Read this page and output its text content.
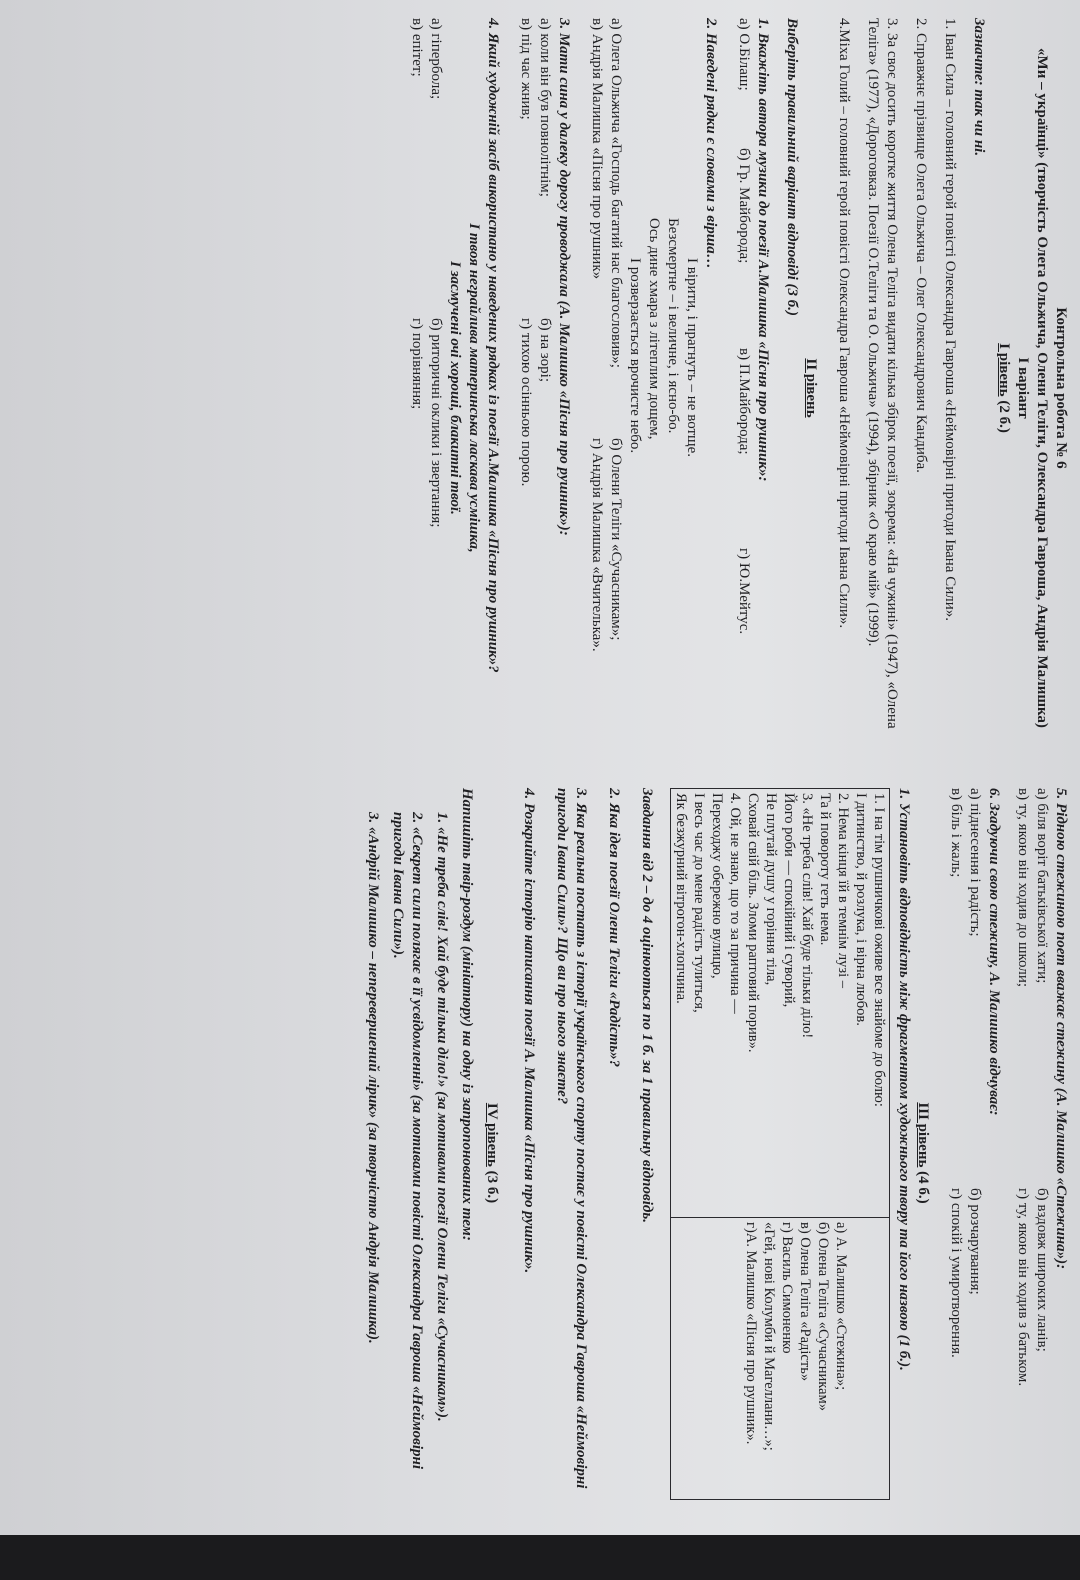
Контрольна робота № 6

«Ми – українці» (творчість Олега Ольжича, Олени Теліги, Олександра Гавроша, Андрія Малишка)

І варіант

І рівень (2 б.)

Зазначте: так чи ні.

1. Іван Сила – головний герой повісті Олександра Гавроша «Неймовірні пригоди Івана Сили».

2. Справжнє прізвище Олега Ольжича – Олег Олександрович Кандиба.

3. За своє досить коротке життя Олена Теліга видати кілька збірок поезії, зокрема: «На чужині» (1947), «Олена Теліга» (1977), «Дороговказ. Поезії О.Теліги та О. Ольжича» (1994), збірник «О краю мій» (1999).

4.Міха Голий – головний герой повісті Олександра Гавроша «Неймовірні пригоди Івана Сили».

ІІ рівень

Виберіть правильний варіант відповіді (3 б.)

1. Вкажіть автора музики до поезії А.Малишка «Пісня про рушник»:

а) О.Білаш;
б) Гр. Майборода;
в) П.Майборода;
г) Ю.Мейтус.

2. Наведені рядки є словами з вірша…

І вірити, і прагнуть – не вотще.

Безсмертне – і величне, і ясно-бо.

Ось дине хмара з літеплим дощем,

І розверзається врочисте небо.

а) Олега Ольжича «Господь багатий нас благословив»;
б) Олени Теліги «Сучасникам»;
в) Андрія Малишка «Пісня про рушник»
г) Андрія Малишка «Вчителька».

3. Мати сина у далеку дорогу проводжала (А. Малишко «Пісня про рушник»):

а) коли він був повнолітнім;
б) на зорі;
в) під час жнив;
г) тихою осінньою порою.

4. Який художній засіб використано у наведених рядках із поезії А.Малишка «Пісня про рушник»?

І твоя неграйлива материнська ласкава усмішка,

І засмучені очі хороші, блакитні твої.

а) гіпербола;
б) риторичні оклики і звертання;
в) епітет;
г) порівняння;

5. Рідною стежиною поет вважає стежину (А. Малишко «Стежина»):

а) біля воріт батьківської хати;
б) вздовж широких ланів;
в) ту, якою він ходив до школи;
г) ту, якою він ходив з батьком.

6. Згадуючи свою стежину, А. Малишко відчуває:

а) піднесення і радість;
б) розчарування;
в) біль і жаль;
г) спокій і умиротворення.

ІІІ рівень (4 б.)

1. Установіть відповідність між фрагментом художнього твору та його назвою (1 б.).

1. І на тім рушничкові оживе все знайоме до болю:

І дитинство, й розлука, і вірна любов.

2. Нема кінця їй в темнім лузі –

Та й повороту геть нема.

3. «Не треба слів! Хай буде тільки діло!

Його роби — спокійний і суворий,

Не плутай душу у горіння тіла,

Сховай свій біль. Зломи раптовий порив».

4. Ой, не знаю, що то за причина —

Переходжу обережно вулицю,

І весь час до мене радість тулиться,

Як безжурний вітрогон-хлопчина.

а) А. Малишко «Стежина»;

б) Олена Теліга «Сучасникам»

в) Олена Теліга «Радість»

г) Василь Симоненко

«Гей, нові Колумби й Магеллани…»;

г)А. Малишко «Пісня про рушник».

Завдання від 2 – до 4 оцінюються по 1 б. за 1 правильну відповідь.

2. Яка ідея поезії Олени Теліги «Радість»?

3. Яка реальна постать з історії українського спорту постає у повісті Олександра Гавроша «Неймовірні пригоди Івана Сили»? Що ви про нього знаєте?

4. Розкрийте історію написання поезії А. Малишка «Пісня про рушник».

IV рівень (3 б.)

Напишіть твір-роздум (мініатюру) на одну із запропонованих тем:

1. «Не треба слів! Хай буде тільки діло!» (за мотивами поезії Олени Теліги «Сучасникам»).

2. «Секрет сили полягає в її усвідомленні» (за мотивами повісті Олександра Гавроша «Неймовірні пригоди Івана Сили»).

3. «Андрій Малишко – неперевершений лірик» (за творчістю Андрія Малишка).
